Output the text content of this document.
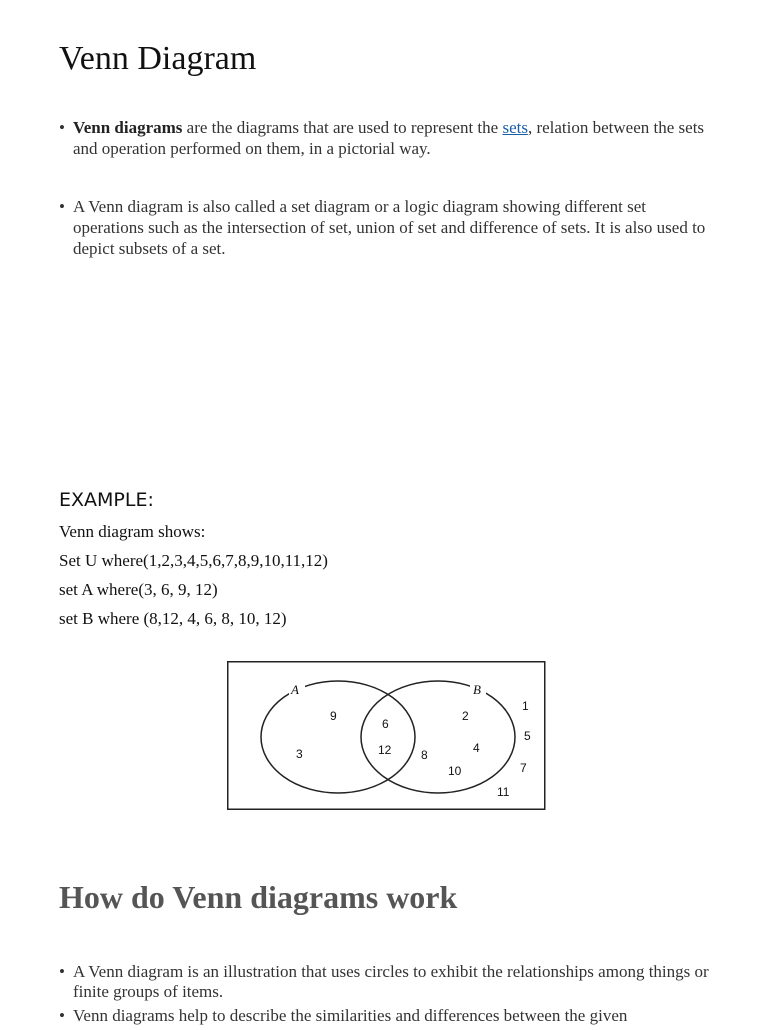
Venn Diagram
• Venn diagrams are the diagrams that are used to represent the sets, relation between the sets and operation performed on them, in a pictorial way.
• A Venn diagram is also called a set diagram or a logic diagram showing different set operations such as the intersection of set, union of set and difference of sets. It is also used to depict subsets of a set.
EXAMPLE:
Venn diagram shows:
Set U where(1,2,3,4,5,6,7,8,9,10,11,12)
set A where(3, 6, 9, 12)
set B where (8,12, 4, 6, 8, 10, 12)
A	B
9
3
6
12
2
4
8
10
1
5
7
11
How do Venn diagrams work
• A Venn diagram is an illustration that uses circles to exhibit the relationships among things or finite groups of items.
• Venn diagrams help to describe the similarities and differences between the given
